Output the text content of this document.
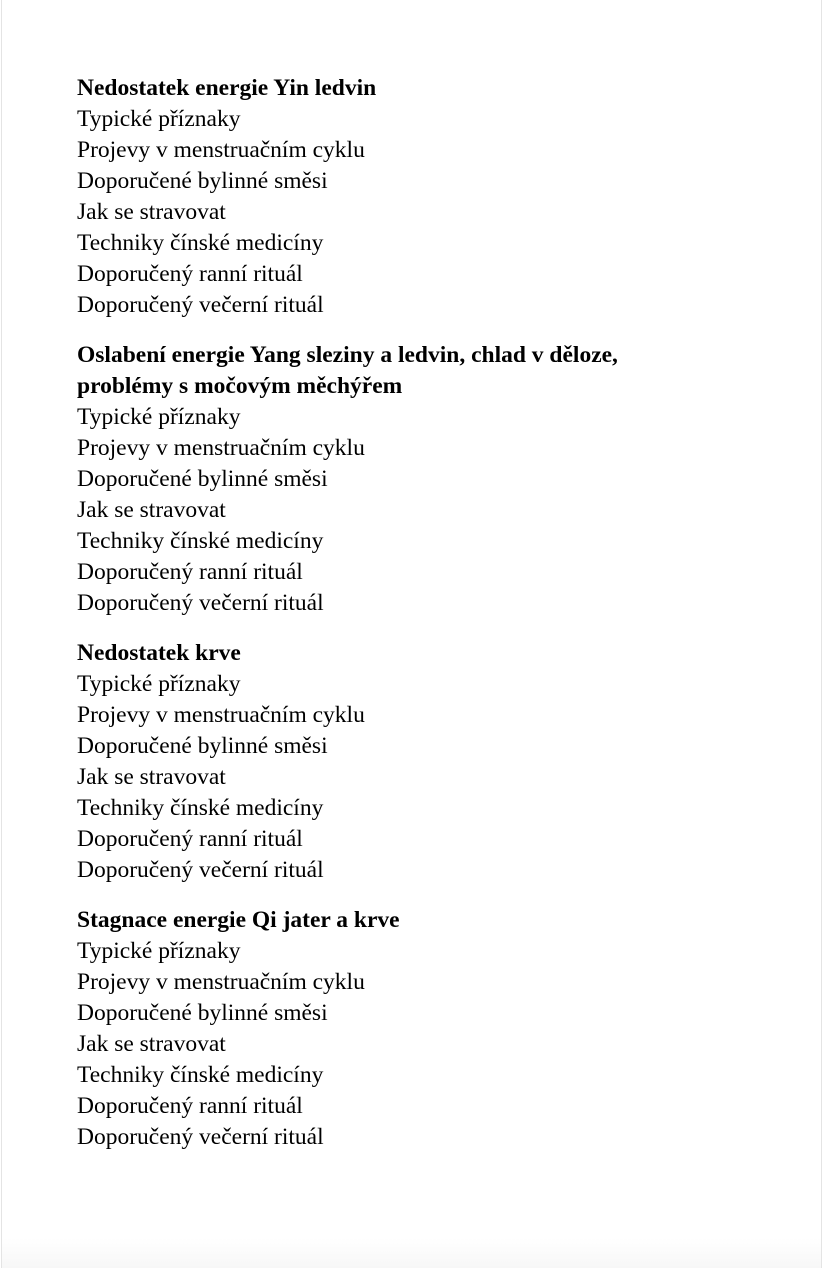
Nedostatek energie Yin ledvin
Typické příznaky
Projevy v menstruačním cyklu
Doporučené bylinné směsi
Jak se stravovat
Techniky čínské medicíny
Doporučený ranní rituál
Doporučený večerní rituál
Oslabení energie Yang sleziny a ledvin, chlad v děloze, problémy s močovým měchýřem
Typické příznaky
Projevy v menstruačním cyklu
Doporučené bylinné směsi
Jak se stravovat
Techniky čínské medicíny
Doporučený ranní rituál
Doporučený večerní rituál
Nedostatek krve
Typické příznaky
Projevy v menstruačním cyklu
Doporučené bylinné směsi
Jak se stravovat
Techniky čínské medicíny
Doporučený ranní rituál
Doporučený večerní rituál
Stagnace energie Qi jater a krve
Typické příznaky
Projevy v menstruačním cyklu
Doporučené bylinné směsi
Jak se stravovat
Techniky čínské medicíny
Doporučený ranní rituál
Doporučený večerní rituál
